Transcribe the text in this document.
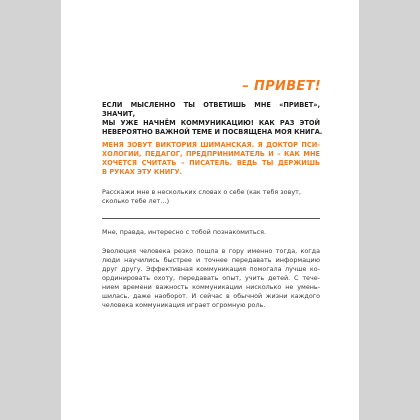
– ПРИВЕТ!
ЕСЛИ МЫСЛЕННО ТЫ ОТВЕТИШЬ МНЕ «ПРИВЕТ», ЗНАЧИТ,
МЫ УЖЕ НАЧНЁМ КОММУНИКАЦИЮ! КАК РАЗ ЭТОЙ
НЕВЕРОЯТНО ВАЖНОЙ ТЕМЕ И ПОСВЯЩЕНА МОЯ КНИГА.
МЕНЯ ЗОВУТ ВИКТОРИЯ ШИМАНСКАЯ. Я ДОКТОР ПСИ-
ХОЛОГИИ, ПЕДАГОГ, ПРЕДПРИНИМАТЕЛЬ И – КАК МНЕ
ХОЧЕТСЯ СЧИТАТЬ – ПИСАТЕЛЬ. ВЕДЬ ТЫ ДЕРЖИШЬ
В РУКАХ ЭТУ КНИГУ.
Расскажи мне в нескольких словах о себе (как тебя зовут,
сколько тебе лет…)
Мне, правда, интересно с тобой познакомиться.
Эволюция человека резко пошла в гору именно тогда, когда
люди научились быстрее и точнее передавать информацию
друг другу. Эффективная коммуникация помогала лучше ко-
ординировать охоту, передавать опыт, учить детей. С тече-
нием времени важность коммуникации нисколько не умень-
шилась, даже наоборот. И сейчас в обычной жизни каждого
человека коммуникация играет огромную роль.
